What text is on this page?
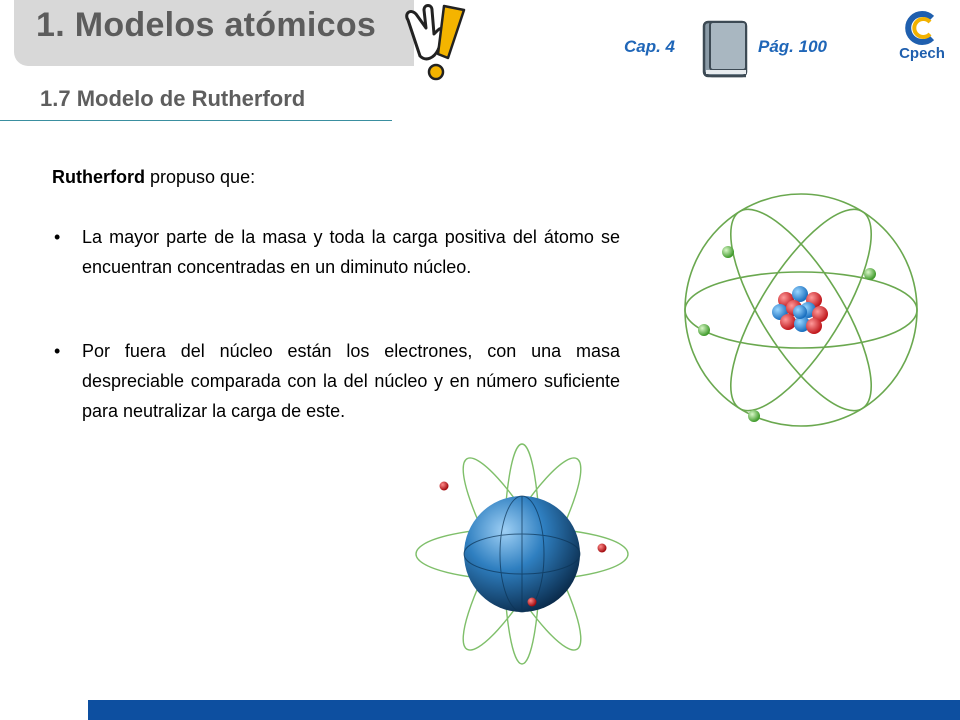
1. Modelos atómicos
Cap. 4	Pág. 100	Cpech
1.7 Modelo de Rutherford
Rutherford propuso que:
• La mayor parte de la masa y toda la carga positiva del átomo se encuentran concentradas en un diminuto núcleo.
• Por fuera del núcleo están los electrones, con una masa despreciable comparada con la del núcleo y en número suficiente para neutralizar la carga de este.
